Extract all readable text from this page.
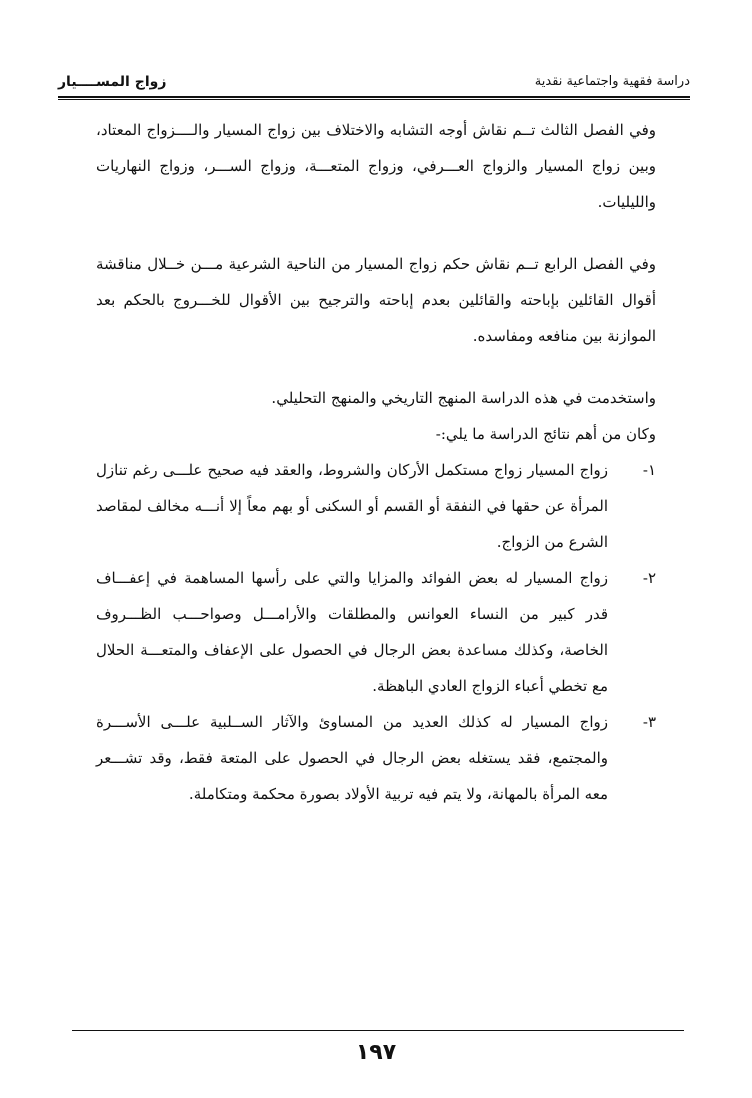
دراسة فقهية واجتماعية نقدية
زواج المســــيار

وفي الفصل الثالث تــم نقاش أوجه التشابه والاختلاف بين زواج المسيار والــــزواج المعتاد، وبين زواج المسيار والزواج العـــرفي، وزواج المتعـــة، وزواج الســـر، وزواج النهاريات والليليات.

وفي الفصل الرابع تــم نقاش حكم زواج المسيار من الناحية الشرعية مـــن خــلال مناقشة أقوال القائلين بإباحته والقائلين بعدم إباحته والترجيح بين الأقوال للخـــروج بالحكم بعد الموازنة بين منافعه ومفاسده.

واستخدمت في هذه الدراسة المنهج التاريخي والمنهج التحليلي.

وكان من أهم نتائج الدراسة ما يلي:-

١-
زواج المسيار زواج مستكمل الأركان والشروط، والعقد فيه صحيح علـــى رغم تنازل المرأة عن حقها في النفقة أو القسم أو السكنى أو بهم معاً إلا أنـــه مخالف لمقاصد الشرع من الزواج.
٢-
زواج المسيار له بعض الفوائد والمزايا والتي على رأسها المساهمة في إعفـــاف قدر كبير من النساء العوانس والمطلقات والأرامـــل وصواحـــب الظـــروف الخاصة، وكذلك مساعدة بعض الرجال في الحصول على الإعفاف والمتعـــة الحلال مع تخطي أعباء الزواج العادي الباهظة.
٣-
زواج المسيار له كذلك العديد من المساوئ والآثار الســلبية علـــى الأســـرة والمجتمع، فقد يستغله بعض الرجال في الحصول على المتعة فقط، وقد تشـــعر معه المرأة بالمهانة، ولا يتم فيه تربية الأولاد بصورة محكمة ومتكاملة.
١٩٧
